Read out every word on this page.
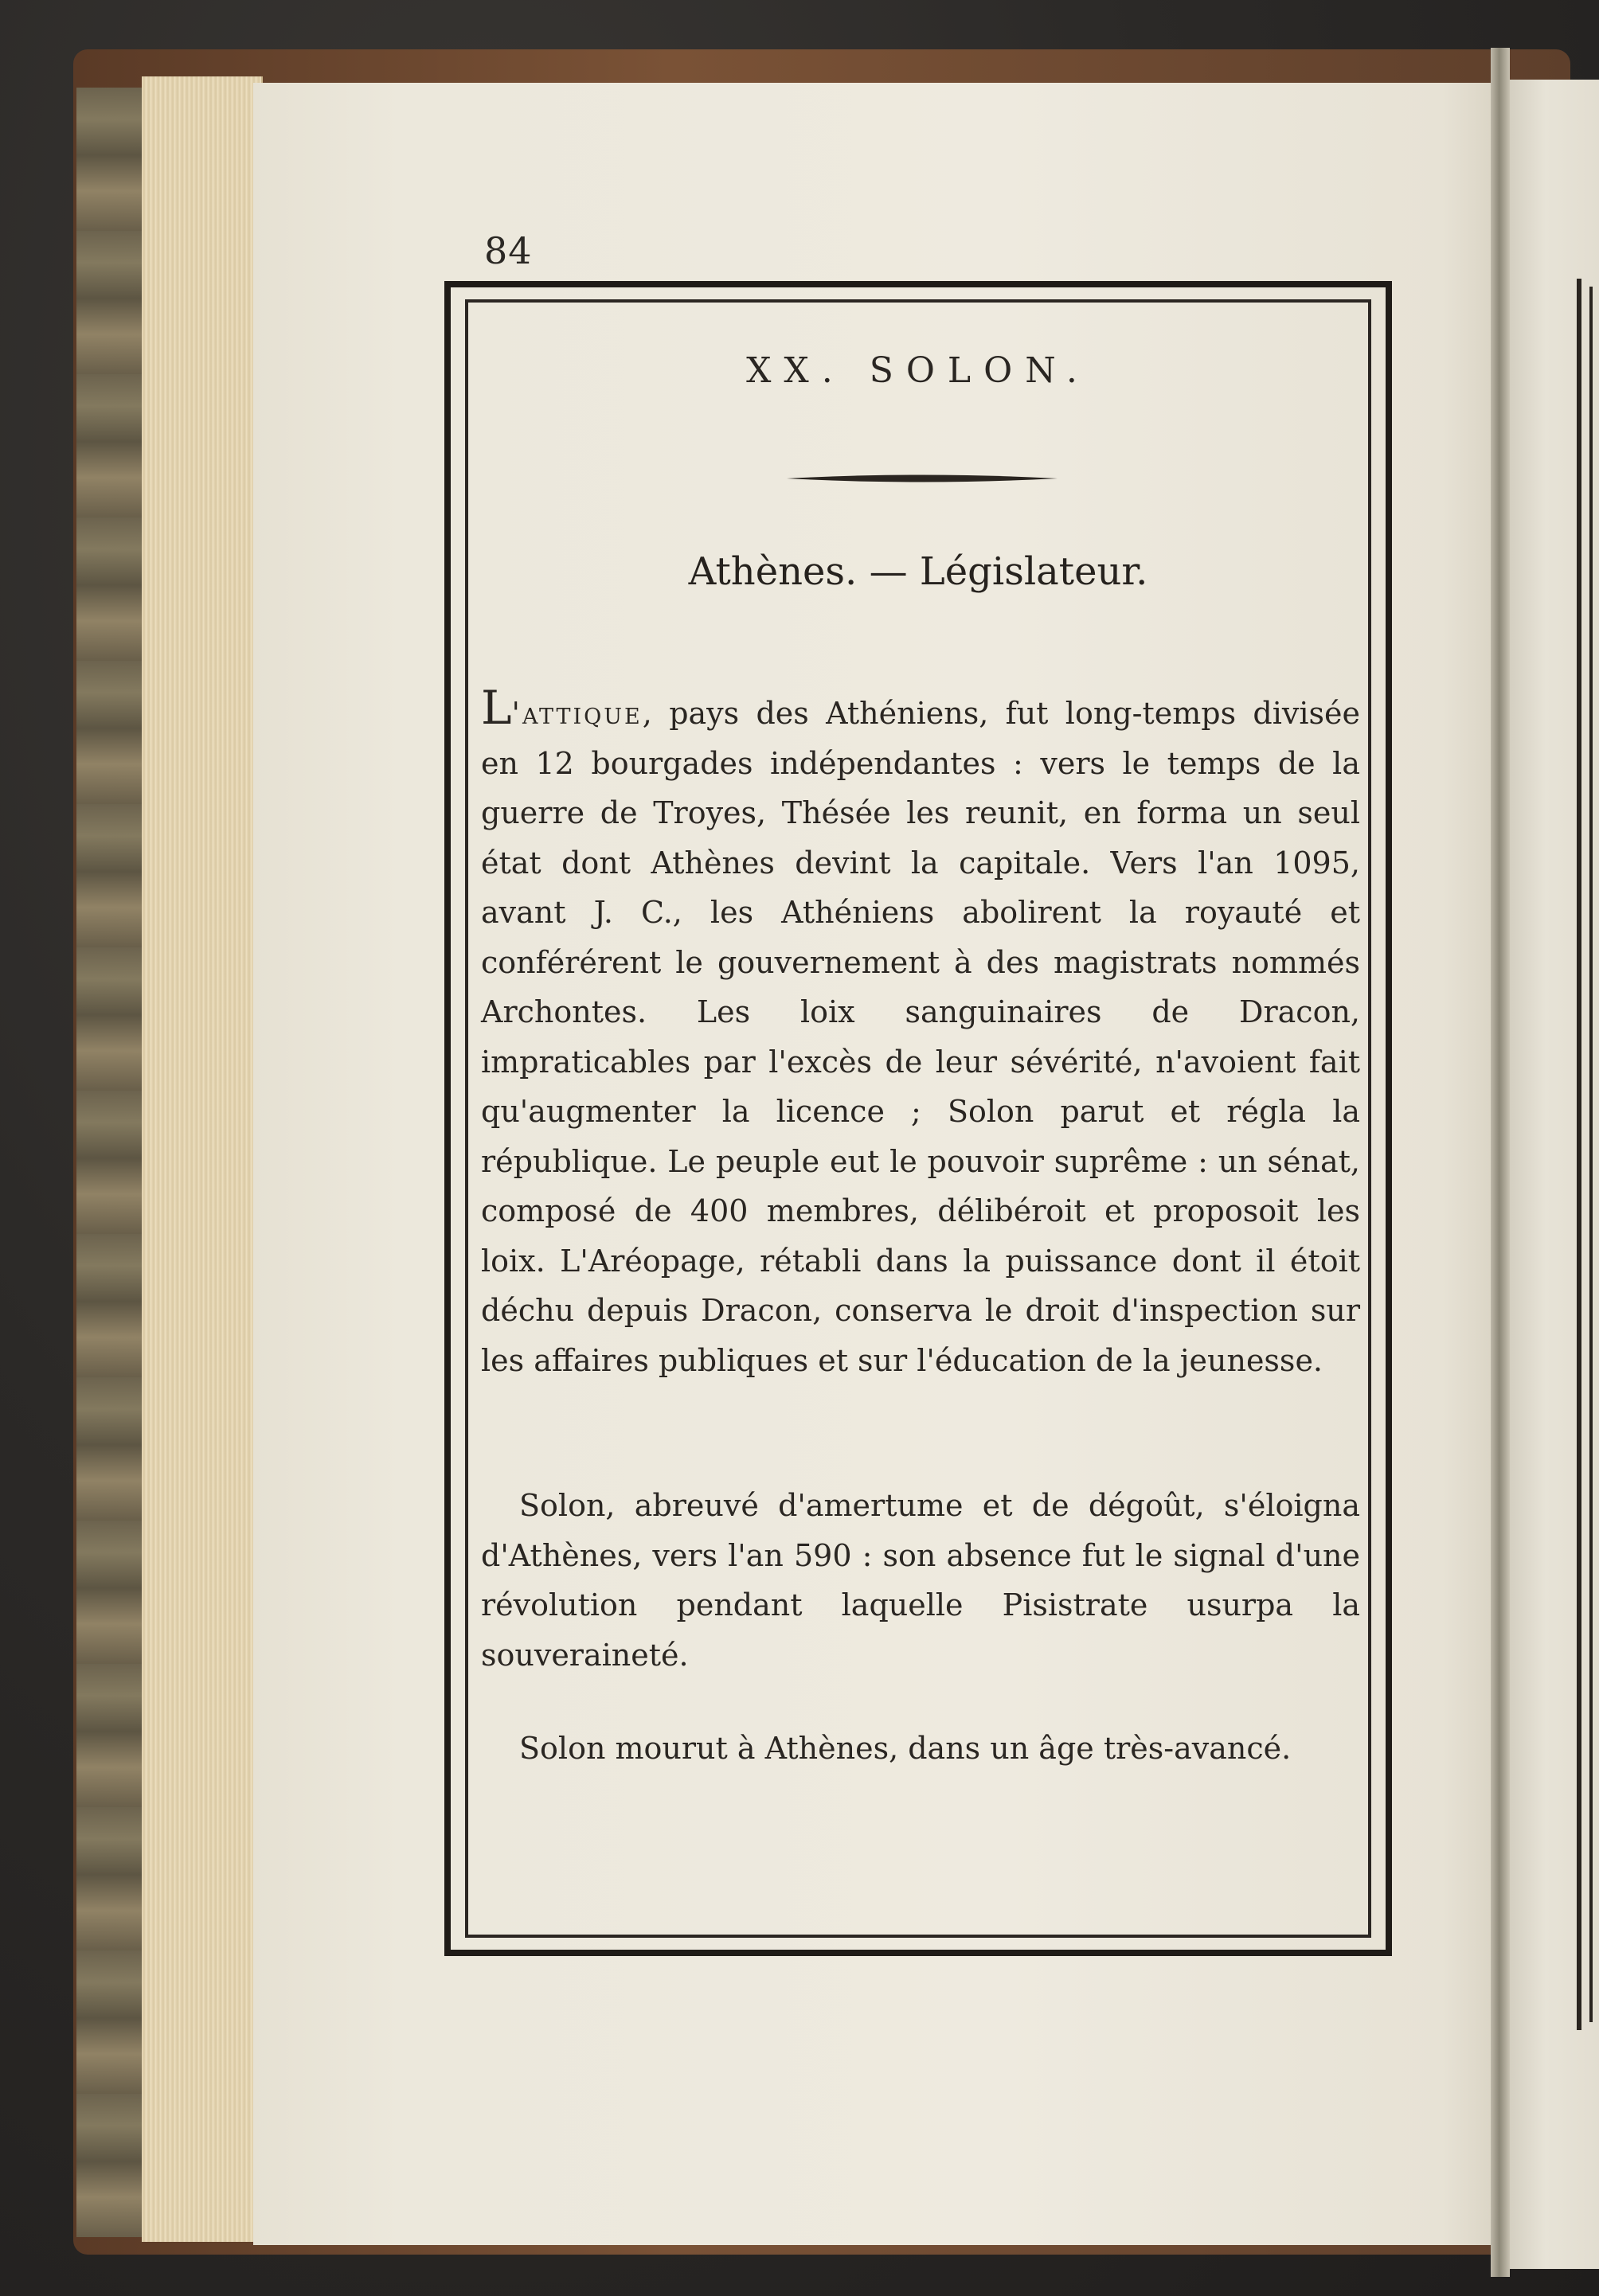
84
XX. SOLON.
Athènes. — Législateur.
L'attique, pays des Athéniens, fut long-temps divisée en 12 bourgades indépendantes : vers le temps de la guerre de Troyes, Thésée les reunit, en forma un seul état dont Athènes devint la capitale. Vers l'an 1095, avant J. C., les Athéniens abolirent la royauté et conférérent le gouvernement à des magistrats nommés Archontes. Les loix sanguinaires de Dracon, impraticables par l'excès de leur sévérité, n'avoient fait qu'augmenter la licence ; Solon parut et régla la république. Le peuple eut le pouvoir suprême : un sénat, composé de 400 membres, délibéroit et proposoit les loix. L'Aréopage, rétabli dans la puissance dont il étoit déchu depuis Dracon, conserva le droit d'inspection sur les affaires publiques et sur l'éducation de la jeunesse.
Solon, abreuvé d'amertume et de dégoût, s'éloigna d'Athènes, vers l'an 590 : son absence fut le signal d'une révolution pendant laquelle Pisistrate usurpa la souveraineté.
Solon mourut à Athènes, dans un âge très-avancé.
